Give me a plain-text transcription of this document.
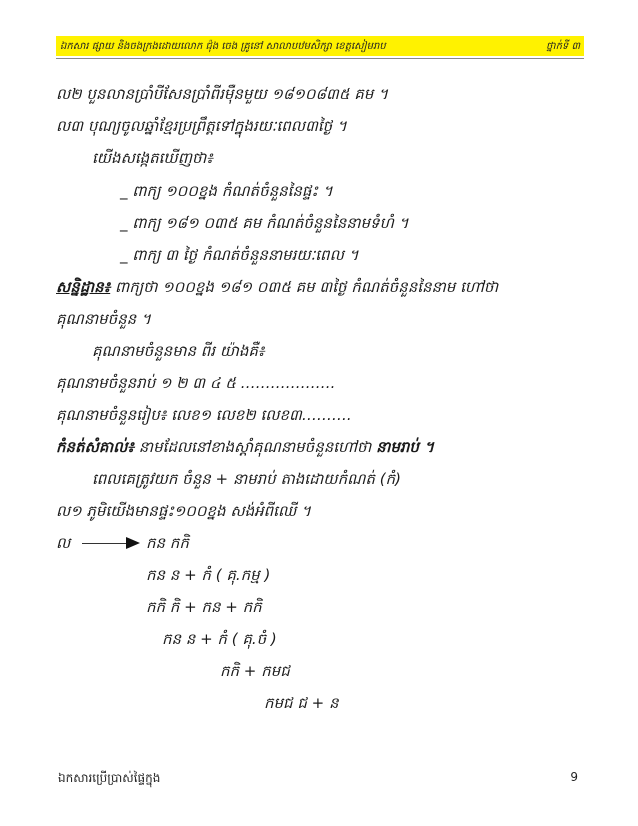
ឯកសារ ផ្សាយ និងចងក្រងដោយលោក ជ៉ុង ចេង គ្រូនៅ សាលាបឋមសិក្សា ខេត្តសៀមរាប	ថ្នាក់ទី ៣
ល២ បួនលានប្រាំបីសែនប្រាំពីរម៉ឺនមួយ ១៨១០៨៣៥ គម ។
ល៣ បុណ្យចូលឆ្នាំខ្មែរប្រព្រឹត្តទៅក្នុងរយៈពេល៣ថ្ងៃ ។
យើងសង្កេតឃើញថា៖
_ ពាក្យ ១០០ខ្នង កំណត់ចំនួននៃផ្ទះ ។
_ ពាក្យ ១៨១ ០៣៥ គម កំណត់ចំនួននៃនាមទំហំ ។
_ ពាក្យ ៣ ថ្ងៃ កំណត់ចំនួននាមរយៈពេល ។
សន្និដ្ឋាន៖ ពាក្យថា ១០០ខ្នង ១៨១ ០៣៥ គម ៣ថ្ងៃ កំណត់ចំនួននៃនាម ហៅថា
គុណនាមចំនួន ។
គុណនាមចំនួនមាន ពីរ យ៉ាងគឺ៖
គុណនាមចំនួនរាប់ ១ ២ ៣ ៤ ៥ ……………….
គុណនាមចំនួនរៀប៖ លេខ១ លេខ២ លេខ៣……….
កំនត់សំគាល់៖ នាមដែលនៅខាងស្តាំគុណនាមចំនួនហៅថា នាមរាប់ ។
ពេលគេត្រូវយក ចំនួន + នាមរាប់ តាងដោយកំណត់ (កំ)
ល១ ភូមិយើងមានផ្ទះ១០០ខ្នង សង់អំពីឈើ ។
ល	កន កកិ
កន ន + កំ ( គុ.កម្ម )
កកិ កិ + កន + កកិ
កន ន + កំ ( គុ.ចំ )
កកិ + កមជ
កមជ ជ + ន
ឯកសារប្រើប្រាស់ផ្ទៃក្នុង	9
